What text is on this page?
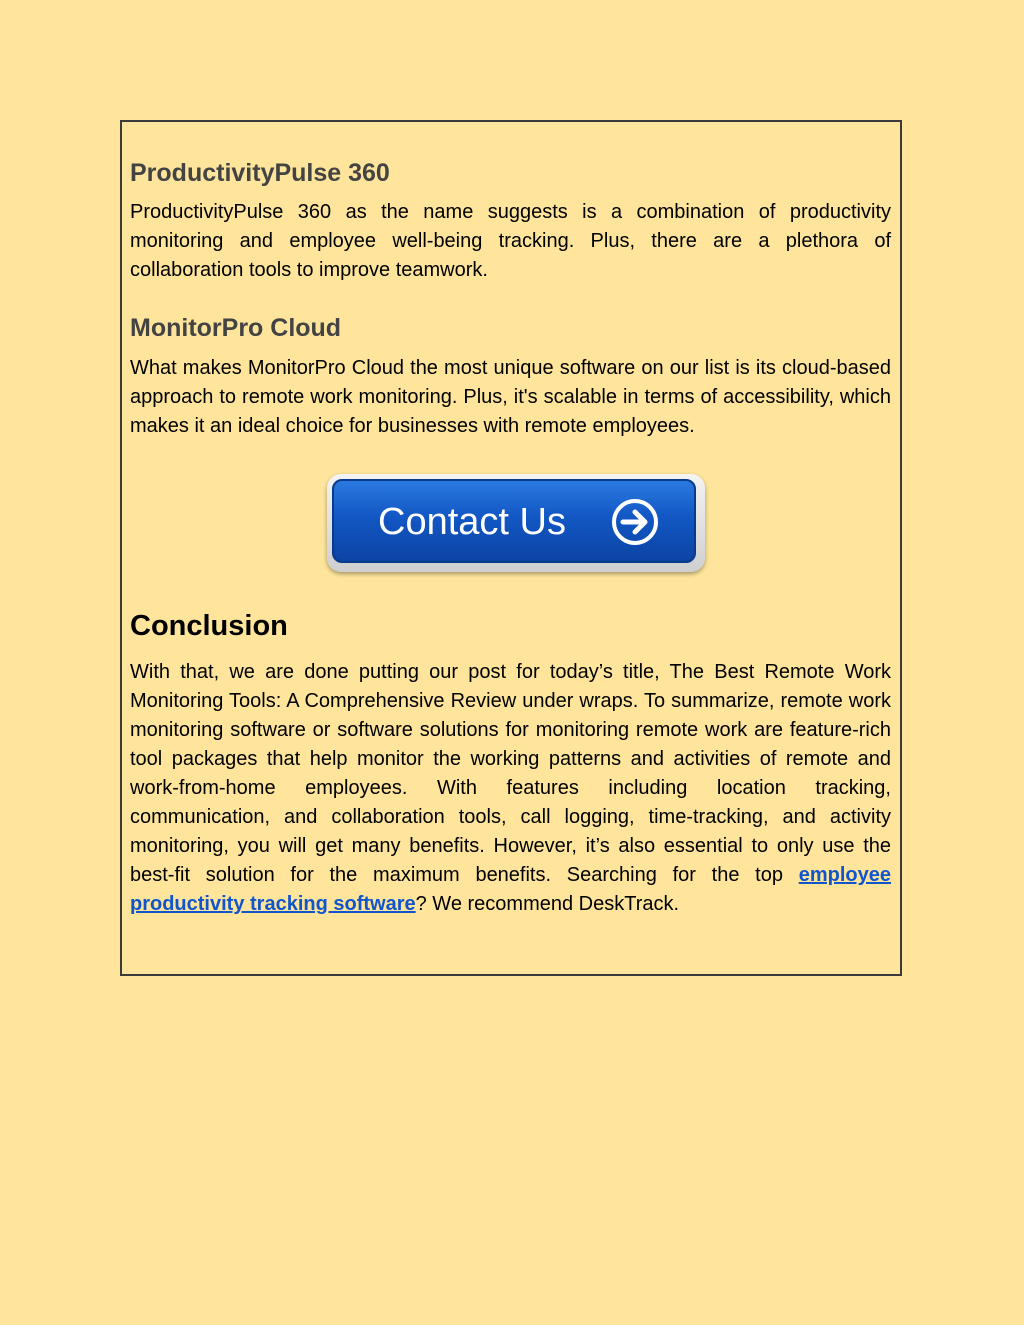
ProductivityPulse 360

ProductivityPulse 360 as the name suggests is a combination of productivity monitoring and employee well-being tracking. Plus, there are a plethora of collaboration tools to improve teamwork.

MonitorPro Cloud

What makes MonitorPro Cloud the most unique software on our list is its cloud-based approach to remote work monitoring. Plus, it's scalable in terms of accessibility, which makes it an ideal choice for businesses with remote employees.

Contact Us
Conclusion

With that, we are done putting our post for today’s title, The Best Remote Work Monitoring Tools: A Comprehensive Review under wraps. To summarize, remote work monitoring software or software solutions for monitoring remote work are feature-rich tool packages that help monitor the working patterns and activities of remote and work-from-home employees. With features including location tracking, communication, and collaboration tools, call logging, time-tracking, and activity monitoring, you will get many benefits. However, it’s also essential to only use the best-fit solution for the maximum benefits. Searching for the top employee productivity tracking software? We recommend DeskTrack.
